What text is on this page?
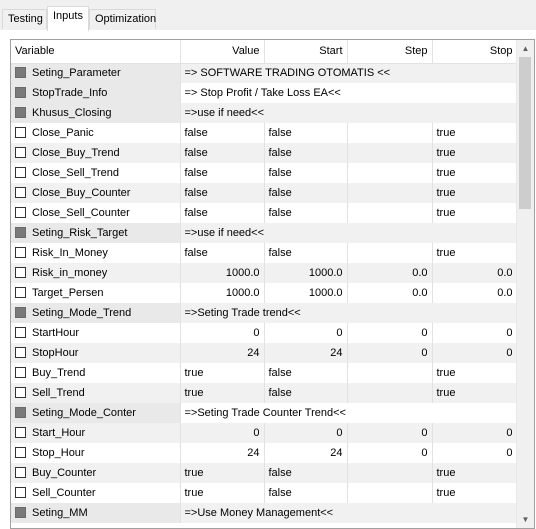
Testing Inputs	Optimization
Variable	Value	Start	Step	Stop
Seting_Parameter	=> SOFTWARE TRADING OTOMATIS <<			
StopTrade_Info	=> Stop Profit / Take Loss EA<<			
Khusus_Closing	=>use if need<<			
Close_Panic	false	false		true
Close_Buy_Trend	false	false		true
Close_Sell_Trend	false	false		true
Close_Buy_Counter	false	false		true
Close_Sell_Counter	false	false		true
Seting_Risk_Target	=>use if need<<			
Risk_In_Money	false	false		true
Risk_in_money	1000.0	1000.0	0.0	0.0
Target_Persen	1000.0	1000.0	0.0	0.0
Seting_Mode_Trend	=>Seting Trade trend<<			
StartHour	0	0	0	0
StopHour	24	24	0	0
Buy_Trend	true	false		true
Sell_Trend	true	false		true
Seting_Mode_Conter	=>Seting Trade Counter Trend<<			
Start_Hour	0	0	0	0
Stop_Hour	24	24	0	0
Buy_Counter	true	false		true
Sell_Counter	true	false		true
Seting_MM	=>Use Money Management<<			
▲
▼
